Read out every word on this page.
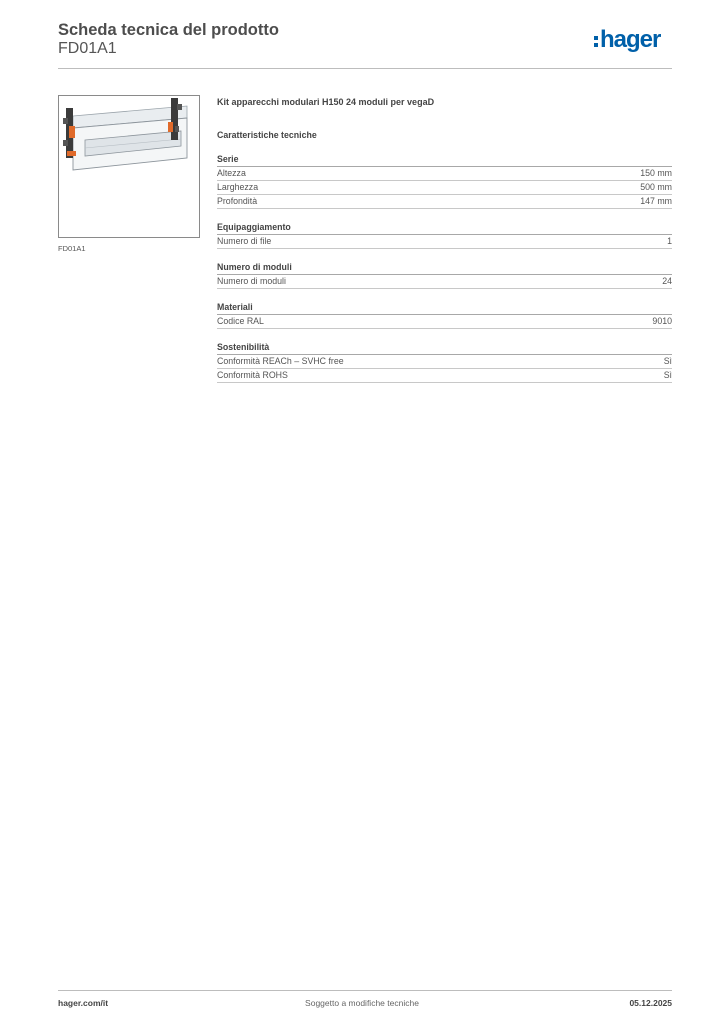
Scheda tecnica del prodotto
FD01A1	hager
FD01A1
Kit apparecchi modulari H150 24 moduli per vegaD
Caratteristiche tecniche
Serie
Altezza	150 mm
Larghezza	500 mm
Profondità	147 mm
Equipaggiamento
Numero di file	1
Numero di moduli
Numero di moduli	24
Materiali
Codice RAL	9010
Sostenibilità
Conformità REACh – SVHC free	Sì
Conformità ROHS	Sì
hager.com/it	Soggetto a modifiche tecniche	05.12.2025
